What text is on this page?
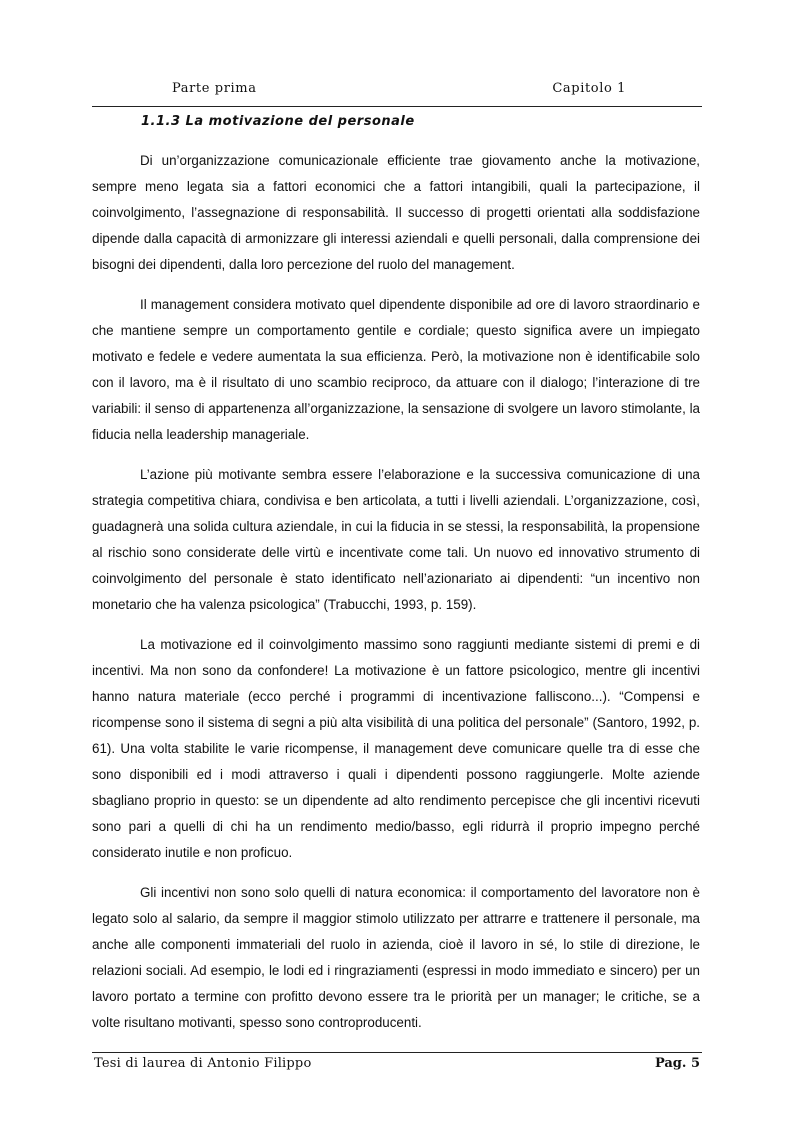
Parte prima	Capitolo 1
1.1.3 La motivazione del personale

Di un’organizzazione comunicazionale efficiente trae giovamento anche la motivazione, sempre meno legata sia a fattori economici che a fattori intangibili, quali la partecipazione, il coinvolgimento, l’assegnazione di responsabilità. Il successo di progetti orientati alla soddisfazione dipende dalla capacità di armonizzare gli interessi aziendali e quelli personali, dalla comprensione dei bisogni dei dipendenti, dalla loro percezione del ruolo del management.

Il management considera motivato quel dipendente disponibile ad ore di lavoro straordinario e che mantiene sempre un comportamento gentile e cordiale; questo significa avere un impiegato motivato e fedele e vedere aumentata la sua efficienza. Però, la motivazione non è identificabile solo con il lavoro, ma è il risultato di uno scambio reciproco, da attuare con il dialogo; l’interazione di tre variabili: il senso di appartenenza all’organizzazione, la sensazione di svolgere un lavoro stimolante, la fiducia nella leadership manageriale.

L’azione più motivante sembra essere l’elaborazione e la successiva comunicazione di una strategia competitiva chiara, condivisa e ben articolata, a tutti i livelli aziendali. L’organizzazione, così, guadagnerà una solida cultura aziendale, in cui la fiducia in se stessi, la responsabilità, la propensione al rischio sono considerate delle virtù e incentivate come tali. Un nuovo ed innovativo strumento di coinvolgimento del personale è stato identificato nell’azionariato ai dipendenti: “un incentivo non monetario che ha valenza psicologica” (Trabucchi, 1993, p. 159).

La motivazione ed il coinvolgimento massimo sono raggiunti mediante sistemi di premi e di incentivi. Ma non sono da confondere! La motivazione è un fattore psicologico, mentre gli incentivi hanno natura materiale (ecco perché i programmi di incentivazione falliscono...). “Compensi e ricompense sono il sistema di segni a più alta visibilità di una politica del personale” (Santoro, 1992, p. 61). Una volta stabilite le varie ricompense, il management deve comunicare quelle tra di esse che sono disponibili ed i modi attraverso i quali i dipendenti possono raggiungerle. Molte aziende sbagliano proprio in questo: se un dipendente ad alto rendimento percepisce che gli incentivi ricevuti sono pari a quelli di chi ha un rendimento medio/basso, egli ridurrà il proprio impegno perché considerato inutile e non proficuo.

Gli incentivi non sono solo quelli di natura economica: il comportamento del lavoratore non è legato solo al salario, da sempre il maggior stimolo utilizzato per attrarre e trattenere il personale, ma anche alle componenti immateriali del ruolo in azienda, cioè il lavoro in sé, lo stile di direzione, le relazioni sociali. Ad esempio, le lodi ed i ringraziamenti (espressi in modo immediato e sincero) per un lavoro portato a termine con profitto devono essere tra le priorità per un manager; le critiche, se a volte risultano motivanti, spesso sono controproducenti.

Tesi di laurea di Antonio Filippo	Pag. 5
